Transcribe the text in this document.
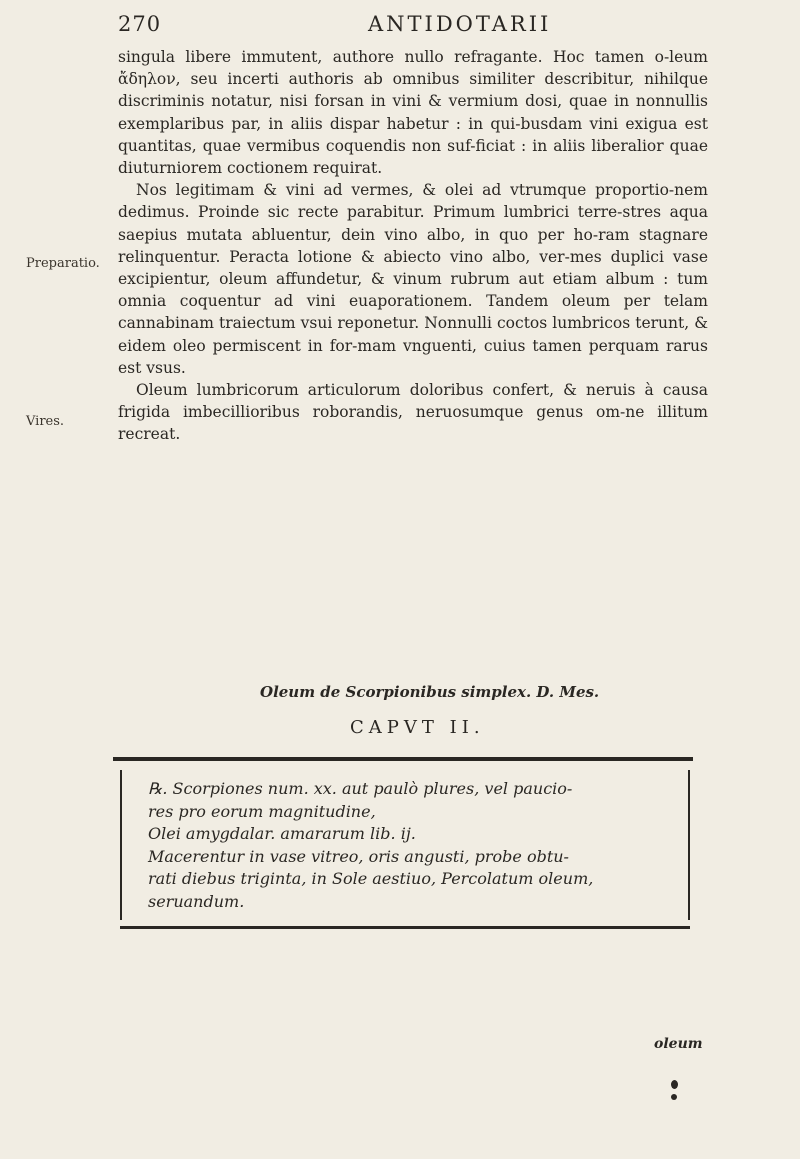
270	ANTIDOTARII
Preparatio.
Vires.

singula libere immutent, authore nullo refragante. Hoc tamen o-leum ἄδηλον, seu incerti authoris ab omnibus similiter describitur, nihilque discriminis notatur, nisi forsan in vini & vermium dosi, quae in nonnullis exemplaribus par, in aliis dispar habetur : in qui-busdam vini exigua est quantitas, quae vermibus coquendis non suf-ficiat : in aliis liberalior quae diuturniorem coctionem requirat.

Nos legitimam & vini ad vermes, & olei ad vtrumque proportio-nem dedimus. Proinde sic recte parabitur. Primum lumbrici terre-stres aqua saepius mutata abluentur, dein vino albo, in quo per ho-ram stagnare relinquentur. Peracta lotione & abiecto vino albo, ver-mes duplici vase excipientur, oleum affundetur, & vinum rubrum aut etiam album : tum omnia coquentur ad vini euaporationem. Tandem oleum per telam cannabinam traiectum vsui reponetur. Nonnulli coctos lumbricos terunt, & eidem oleo permiscent in for-mam vnguenti, cuius tamen perquam rarus est vsus.

Oleum lumbricorum articulorum doloribus confert, & neruis à causa frigida imbecillioribus roborandis, neruosumque genus om-ne illitum recreat.

Oleum de Scorpionibus simplex. D. Mes.
CAPVT II.
℞. Scorpiones num. xx. aut paulò plures, vel paucio-
res pro eorum magnitudine,
Olei amygdalar. amararum lib. ij.
Macerentur in vase vitreo, oris angusti, probe obtu-
rati diebus triginta, in Sole aestiuo, Percolatum oleum,
seruandum.
oleum
